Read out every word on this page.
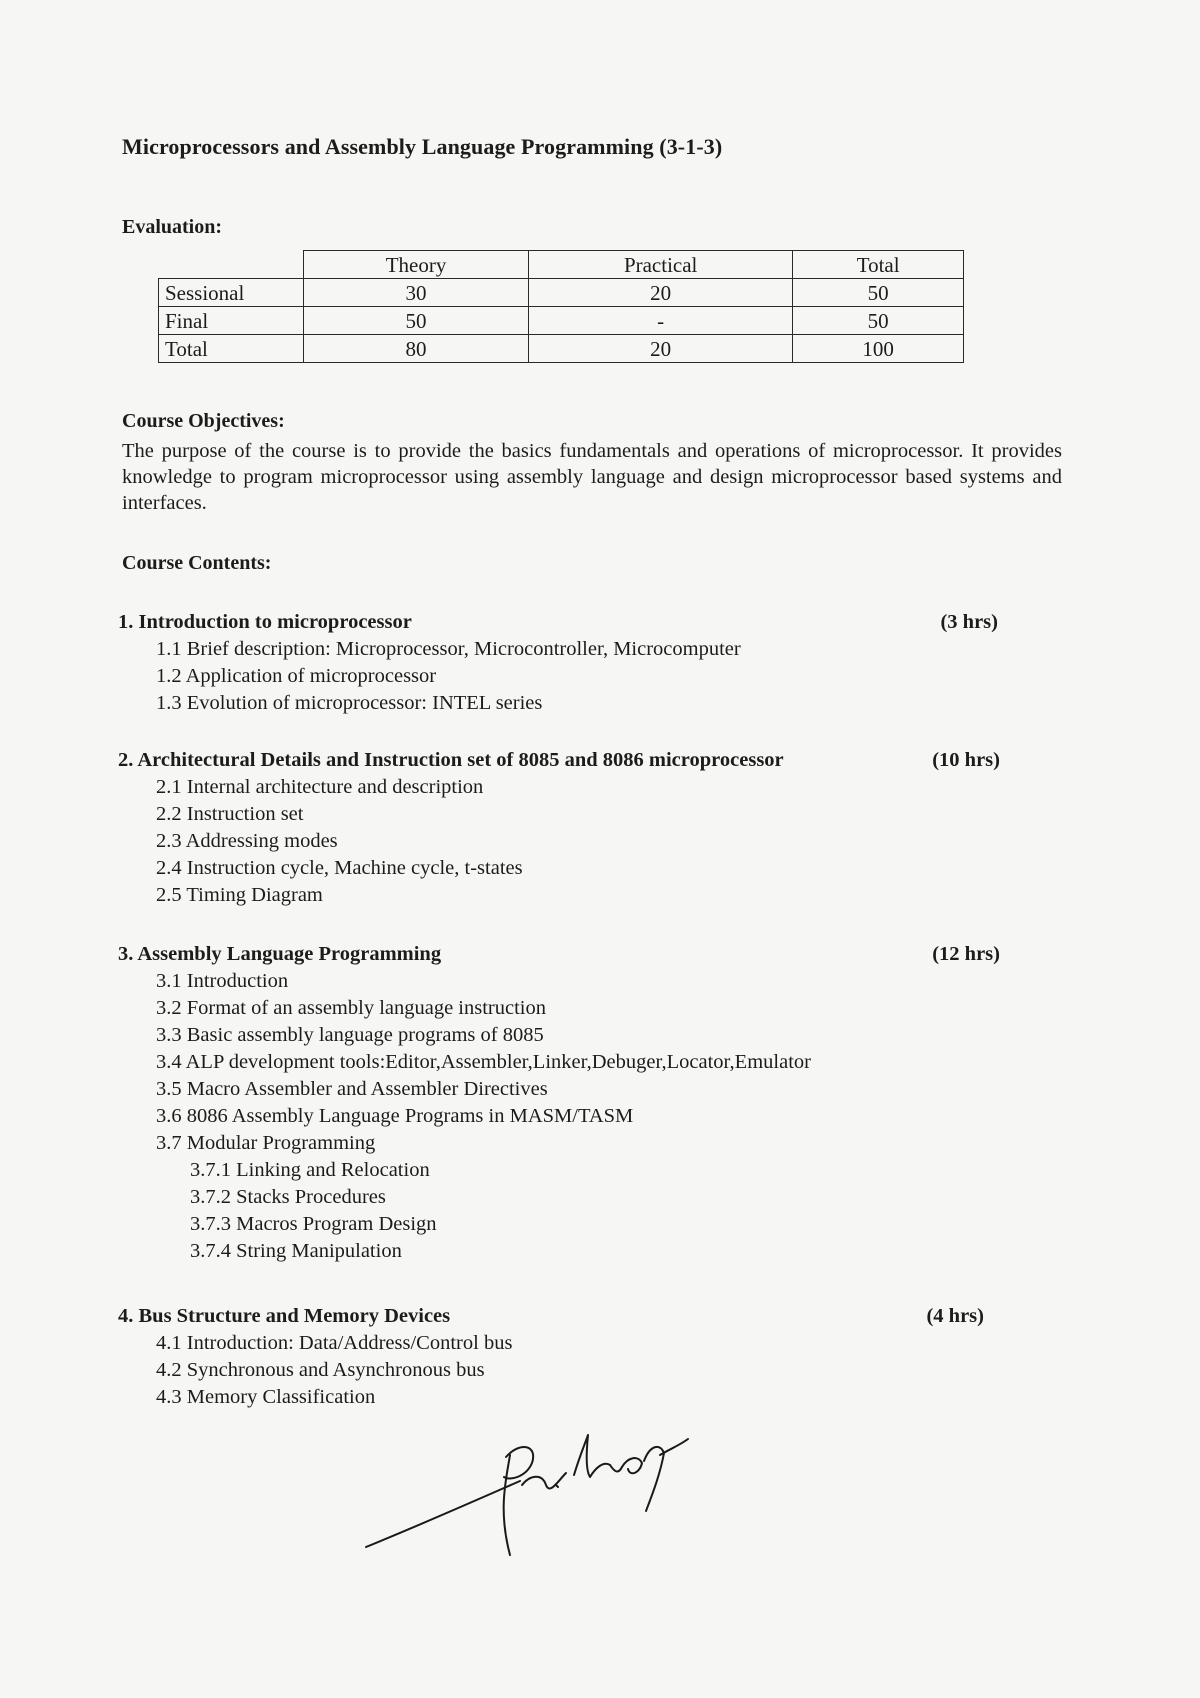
Microprocessors and Assembly Language Programming (3-1-3)
Evaluation:
	Theory	Practical	Total
Sessional	30	20	50
Final	50	-	50
Total	80	20	100
Course Objectives:
The purpose of the course is to provide the basics fundamentals and operations of microprocessor. It provides knowledge to program microprocessor using assembly language and design microprocessor based systems and interfaces.
Course Contents:
1. Introduction to microprocessor	(3 hrs)
1.1 Brief description: Microprocessor, Microcontroller, Microcomputer
1.2 Application of microprocessor
1.3 Evolution of microprocessor: INTEL series
2. Architectural Details and Instruction set of 8085 and 8086 microprocessor	(10 hrs)
2.1 Internal architecture and description
2.2 Instruction set
2.3 Addressing modes
2.4 Instruction cycle, Machine cycle, t-states
2.5 Timing Diagram
3. Assembly Language Programming	(12 hrs)
3.1 Introduction
3.2 Format of an assembly language instruction
3.3 Basic assembly language programs of 8085
3.4 ALP development tools:Editor,Assembler,Linker,Debuger,Locator,Emulator
3.5 Macro Assembler and Assembler Directives
3.6 8086 Assembly Language Programs in MASM/TASM
3.7 Modular Programming
3.7.1 Linking and Relocation
3.7.2 Stacks Procedures
3.7.3 Macros Program Design
3.7.4 String Manipulation
4. Bus Structure and Memory Devices	(4 hrs)
4.1 Introduction: Data/Address/Control bus
4.2 Synchronous and Asynchronous bus
4.3 Memory Classification
